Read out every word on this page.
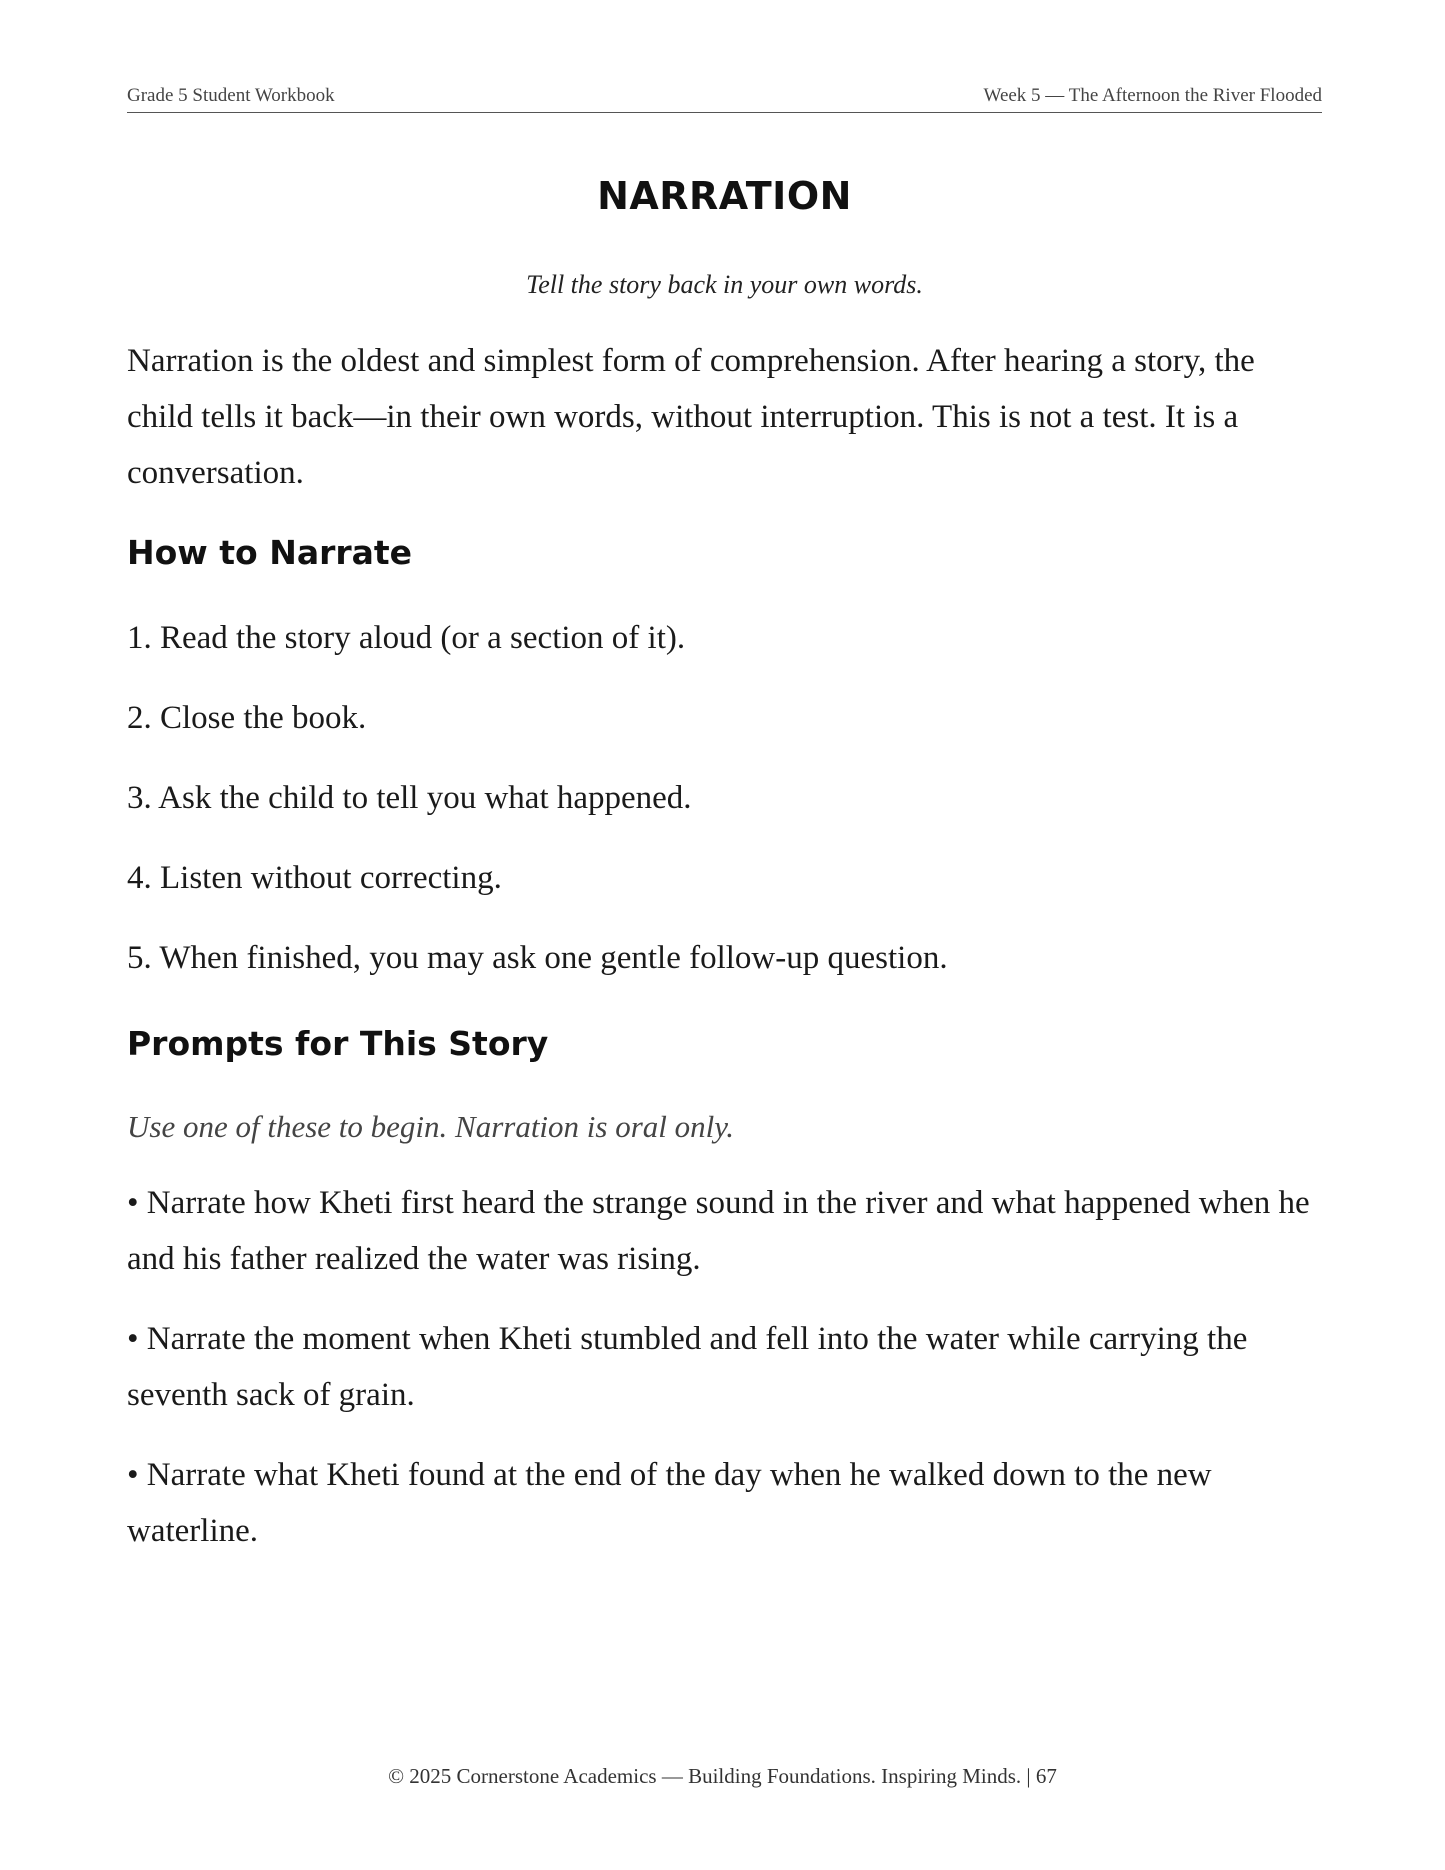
Grade 5 Student Workbook	Week 5 — The Afternoon the River Flooded
NARRATION

Tell the story back in your own words.

Narration is the oldest and simplest form of comprehension. After hearing a story, the child tells it back—in their own words, without interruption. This is not a test. It is a conversation.

How to Narrate

1. Read the story aloud (or a section of it).

2. Close the book.

3. Ask the child to tell you what happened.

4. Listen without correcting.

5. When finished, you may ask one gentle follow-up question.

Prompts for This Story

Use one of these to begin. Narration is oral only.

• Narrate how Kheti first heard the strange sound in the river and what happened when he and his father realized the water was rising.

• Narrate the moment when Kheti stumbled and fell into the water while carrying the seventh sack of grain.

• Narrate what Kheti found at the end of the day when he walked down to the new waterline.

© 2025 Cornerstone Academics — Building Foundations. Inspiring Minds. | 67
